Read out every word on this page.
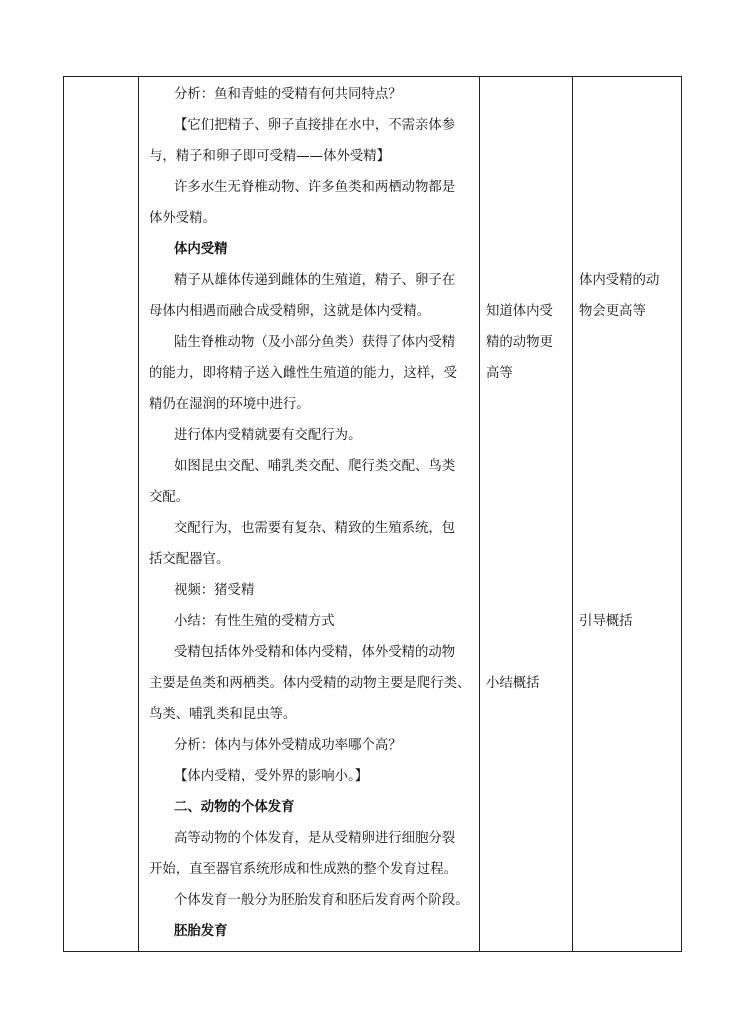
分析：鱼和青蛙的受精有何共同特点？
【它们把精子、卵子直接排在水中，不需亲体参
与，精子和卵子即可受精——体外受精】
许多水生无脊椎动物、许多鱼类和两栖动物都是
体外受精。
体内受精
精子从雄体传递到雌体的生殖道，精子、卵子在
母体内相遇而融合成受精卵，这就是体内受精。
陆生脊椎动物（及小部分鱼类）获得了体内受精
的能力，即将精子送入雌性生殖道的能力，这样，受
精仍在湿润的环境中进行。
进行体内受精就要有交配行为。
如图昆虫交配、哺乳类交配、爬行类交配、鸟类
交配。
交配行为，也需要有复杂、精致的生殖系统，包
括交配器官。
视频：猪受精
小结：有性生殖的受精方式
受精包括体外受精和体内受精，体外受精的动物
主要是鱼类和两栖类。体内受精的动物主要是爬行类、
鸟类、哺乳类和昆虫等。
分析：体内与体外受精成功率哪个高？
【体内受精，受外界的影响小。】
二、动物的个体发育
高等动物的个体发育，是从受精卵进行细胞分裂
开始，直至器官系统形成和性成熟的整个发育过程。
个体发育一般分为胚胎发育和胚后发育两个阶段。
胚胎发育
知道体内受
精的动物更
高等
小结概括
体内受精的动
物会更高等
引导概括
